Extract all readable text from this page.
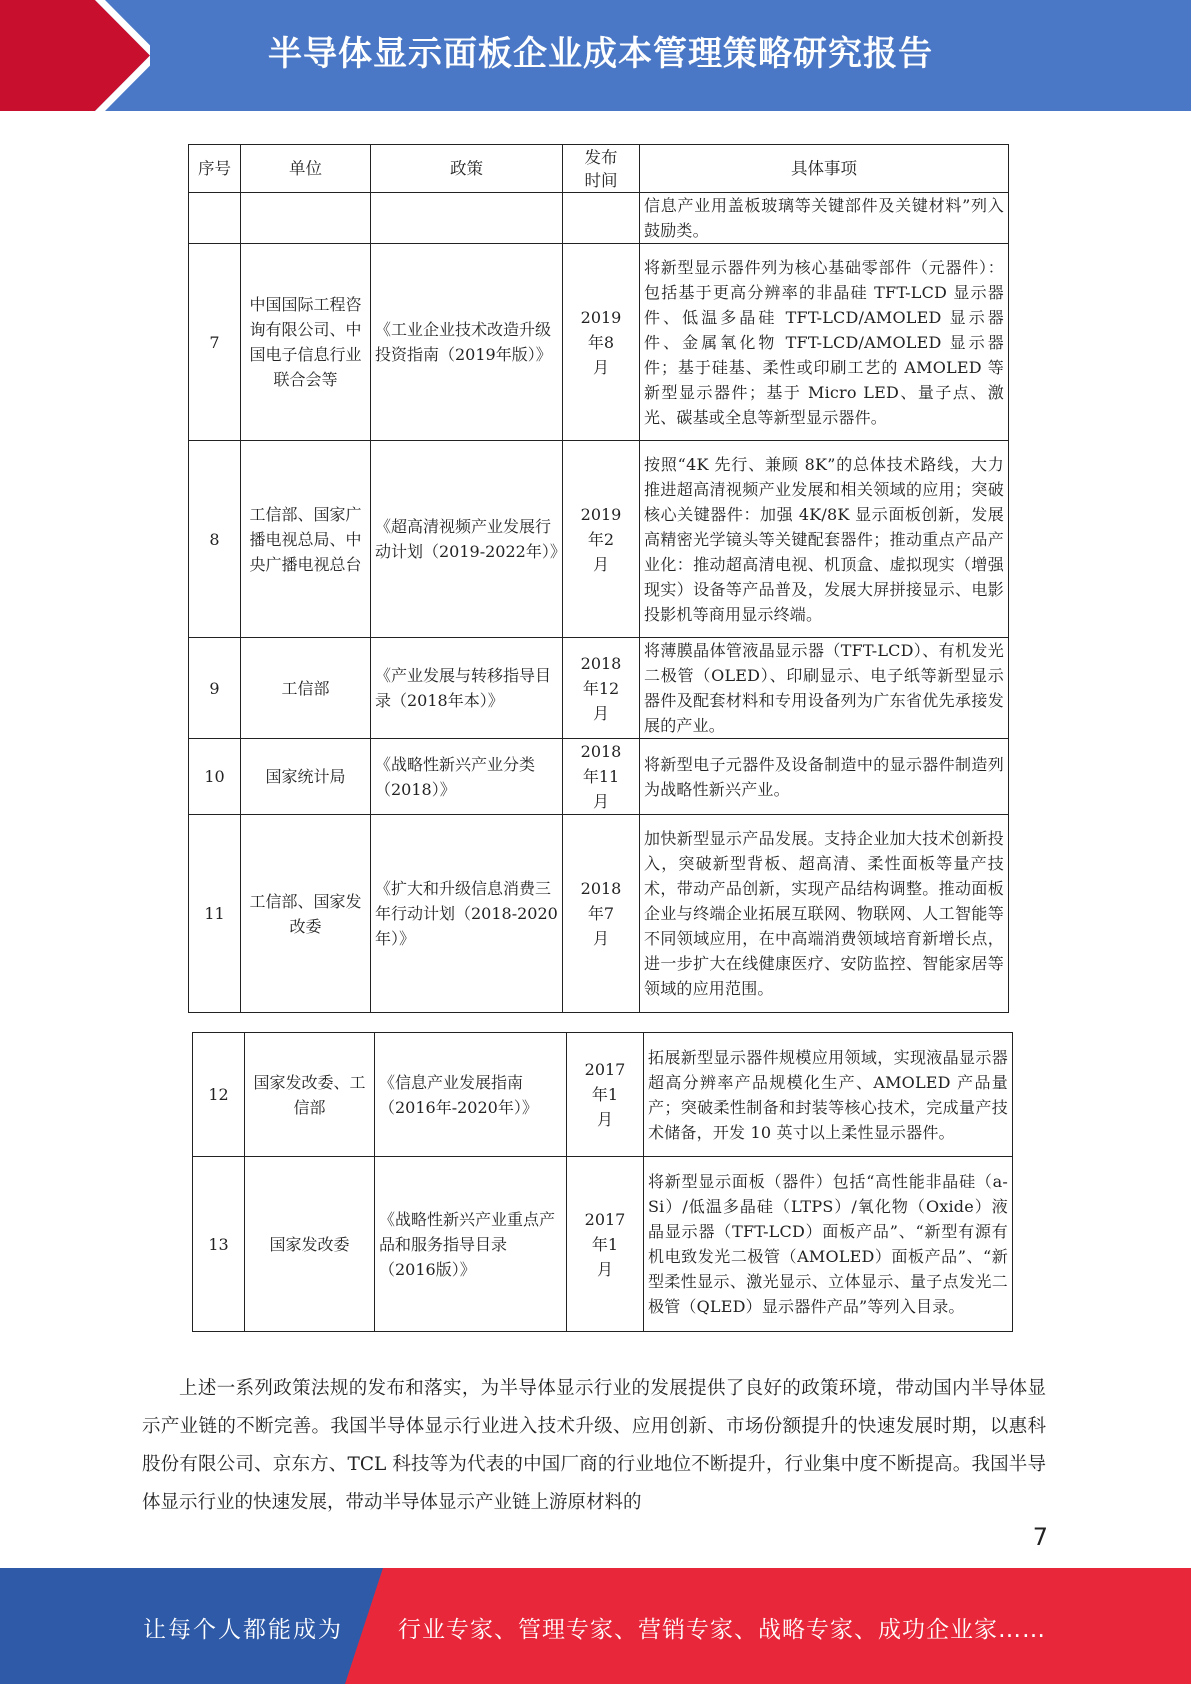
半导体显示面板企业成本管理策略研究报告
序号	单位	政策	发布时间	具体事项
				信息产业用盖板玻璃等关键部件及关键材料”列入鼓励类。
7	中国国际工程咨询有限公司、中国电子信息行业联合会等	《工业企业技术改造升级投资指南（2019年版）》	2019年8月	将新型显示器件列为核心基础零部件（元器件）：包括基于更高分辨率的非晶硅 TFT-LCD 显示器件、低温多晶硅 TFT-LCD/AMOLED 显示器件、金属氧化物 TFT-LCD/AMOLED 显示器件；基于硅基、柔性或印刷工艺的 AMOLED 等新型显示器件；基于 Micro LED、量子点、激光、碳基或全息等新型显示器件。
8	工信部、国家广播电视总局、中央广播电视总台	《超高清视频产业发展行动计划（2019-2022年）》	2019年2月	按照“4K 先行、兼顾 8K”的总体技术路线，大力推进超高清视频产业发展和相关领域的应用；突破核心关键器件：加强 4K/8K 显示面板创新，发展高精密光学镜头等关键配套器件；推动重点产品产业化：推动超高清电视、机顶盒、虚拟现实（增强现实）设备等产品普及，发展大屏拼接显示、电影投影机等商用显示终端。
9	工信部	《产业发展与转移指导目录（2018年本）》	2018年12月	将薄膜晶体管液晶显示器（TFT-LCD）、有机发光二极管（OLED）、印刷显示、电子纸等新型显示器件及配套材料和专用设备列为广东省优先承接发展的产业。
10	国家统计局	《战略性新兴产业分类（2018）》	2018年11月	将新型电子元器件及设备制造中的显示器件制造列为战略性新兴产业。
11	工信部、国家发改委	《扩大和升级信息消费三年行动计划（2018-2020年）》	2018年7月	加快新型显示产品发展。支持企业加大技术创新投入，突破新型背板、超高清、柔性面板等量产技术，带动产品创新，实现产品结构调整。推动面板企业与终端企业拓展互联网、物联网、人工智能等不同领域应用，在中高端消费领域培育新增长点，进一步扩大在线健康医疗、安防监控、智能家居等领域的应用范围。
12	国家发改委、工信部	《信息产业发展指南（2016年-2020年）》	2017年1月	拓展新型显示器件规模应用领域，实现液晶显示器超高分辨率产品规模化生产、AMOLED 产品量产；突破柔性制备和封装等核心技术，完成量产技术储备，开发 10 英寸以上柔性显示器件。
13	国家发改委	《战略性新兴产业重点产品和服务指导目录（2016版）》	2017年1月	将新型显示面板（器件）包括“高性能非晶硅（a-Si）/低温多晶硅（LTPS）/氧化物（Oxide）液晶显示器（TFT-LCD）面板产品”、“新型有源有机电致发光二极管（AMOLED）面板产品”、“新型柔性显示、激光显示、立体显示、量子点发光二极管（QLED）显示器件产品”等列入目录。

上述一系列政策法规的发布和落实，为半导体显示行业的发展提供了良好的政策环境，带动国内半导体显示产业链的不断完善。我国半导体显示行业进入技术升级、应用创新、市场份额提升的快速发展时期，以惠科股份有限公司、京东方、TCL 科技等为代表的中国厂商的行业地位不断提升，行业集中度不断提高。我国半导体显示行业的快速发展，带动半导体显示产业链上游原材料的

7
让每个人都能成为 行业专家、管理专家、营销专家、战略专家、成功企业家……
